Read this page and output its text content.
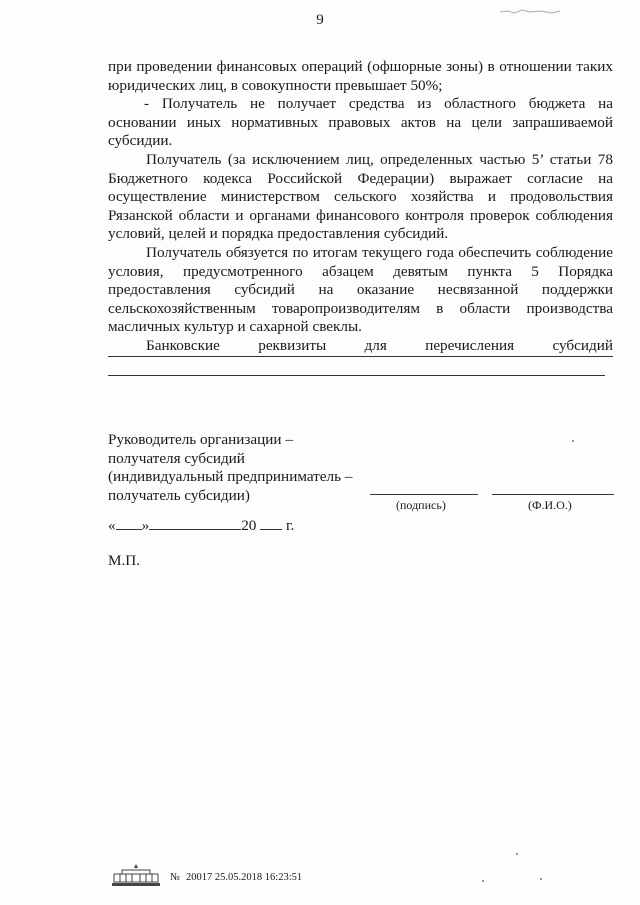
9

при проведении финансовых операций (офшорные зоны) в отношении таких юридических лиц, в совокупности превышает 50%;

- Получатель не получает средства из областного бюджета на основании иных нормативных правовых актов на цели запрашиваемой субсидии.

Получатель (за исключением лиц, определенных частью 5’ статьи 78 Бюджетного кодекса Российской Федерации) выражает согласие на осуществление министерством сельского хозяйства и продовольствия Рязанской области и органами финансового контроля проверок соблюдения условий, целей и порядка предоставления субсидий.

Получатель обязуется по итогам текущего года обеспечить соблюдение условия, предусмотренного абзацем девятым пункта 5 Порядка предоставления субсидий на оказание несвязанной поддержки сельскохозяйственным товаропроизводителям в области производства масличных культур и сахарной свеклы.

Банковские	реквизиты	для	перечисления	субсидий
Руководитель организации –
получателя субсидий
(индивидуальный предприниматель –
получатель субсидии)
(подпись)	(Ф.И.О.)
« »	20 г.
М.П.
№ 20017 25.05.2018 16:23:51
